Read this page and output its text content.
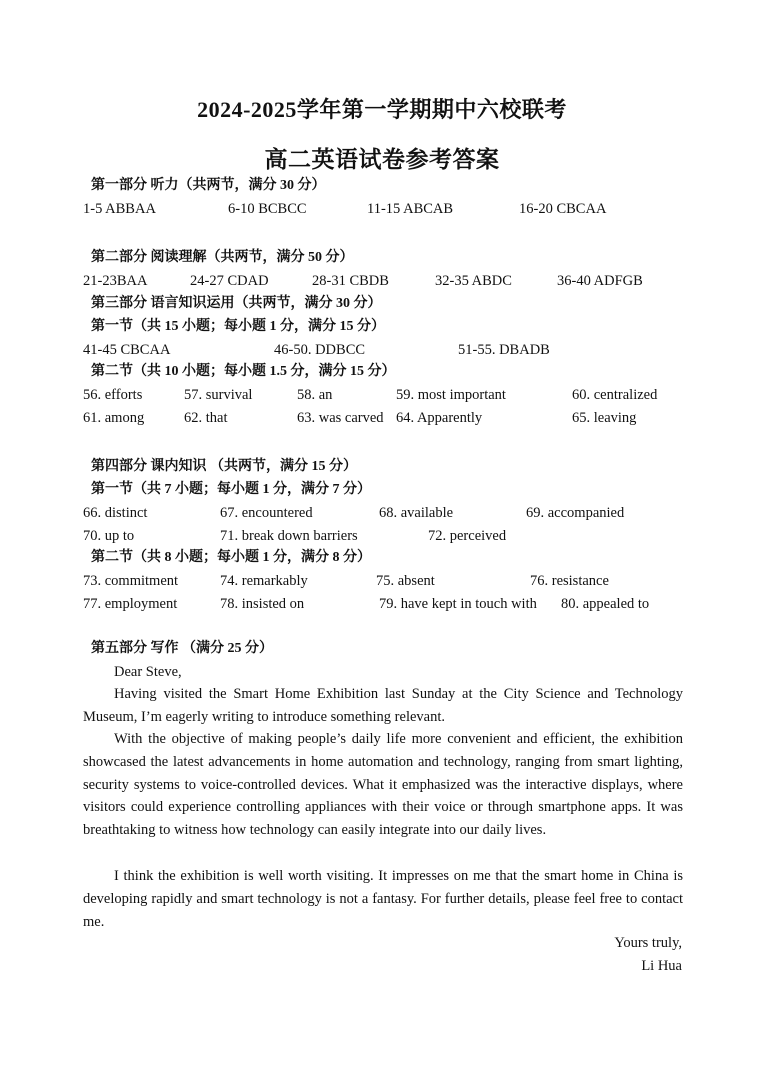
2024-2025学年第一学期期中六校联考
高二英语试卷参考答案
第一部分 听力（共两节，满分 30 分）
1-5 ABBAA	6-10 BCBCC	11-15 ABCAB	16-20 CBCAA
第二部分 阅读理解（共两节，满分 50 分）
21-23BAA	24-27 CDAD	28-31 CBDB	32-35 ABDC	36-40 ADFGB
第三部分 语言知识运用（共两节，满分 30 分）
第一节（共 15 小题；每小题 1 分，满分 15 分）
41-45 CBCAA	46-50. DDBCC	51-55. DBADB
第二节（共 10 小题；每小题 1.5 分，满分 15 分）
56. efforts	57. survival	58. an	59. most important	60. centralized
61. among	62. that	63. was carved 64. Apparently	65. leaving
第四部分 课内知识 （共两节，满分 15 分）
第一节（共 7 小题；每小题 1 分，满分 7 分）
66. distinct	67. encountered	68. available	69. accompanied
70. up to	71. break down barriers	72. perceived
第二节（共 8 小题；每小题 1 分，满分 8 分）
73. commitment	74. remarkably	75. absent	76. resistance
77. employment	78. insisted on	79. have kept in touch with 80. appealed to
第五部分 写作 （满分 25 分）
Dear Steve,
Having visited the Smart Home Exhibition last Sunday at the City Science and Technology Museum, I’m eagerly writing to introduce something relevant.
With the objective of making people’s daily life more convenient and efficient, the exhibition showcased the latest advancements in home automation and technology, ranging from smart lighting, security systems to voice-controlled devices. What it emphasized was the interactive displays, where visitors could experience controlling appliances with their voice or through smartphone apps. It was breathtaking to witness how technology can easily integrate into our daily lives.
I think the exhibition is well worth visiting. It impresses on me that the smart home in China is developing rapidly and smart technology is not a fantasy. For further details, please feel free to contact me.
Yours truly,
Li Hua
